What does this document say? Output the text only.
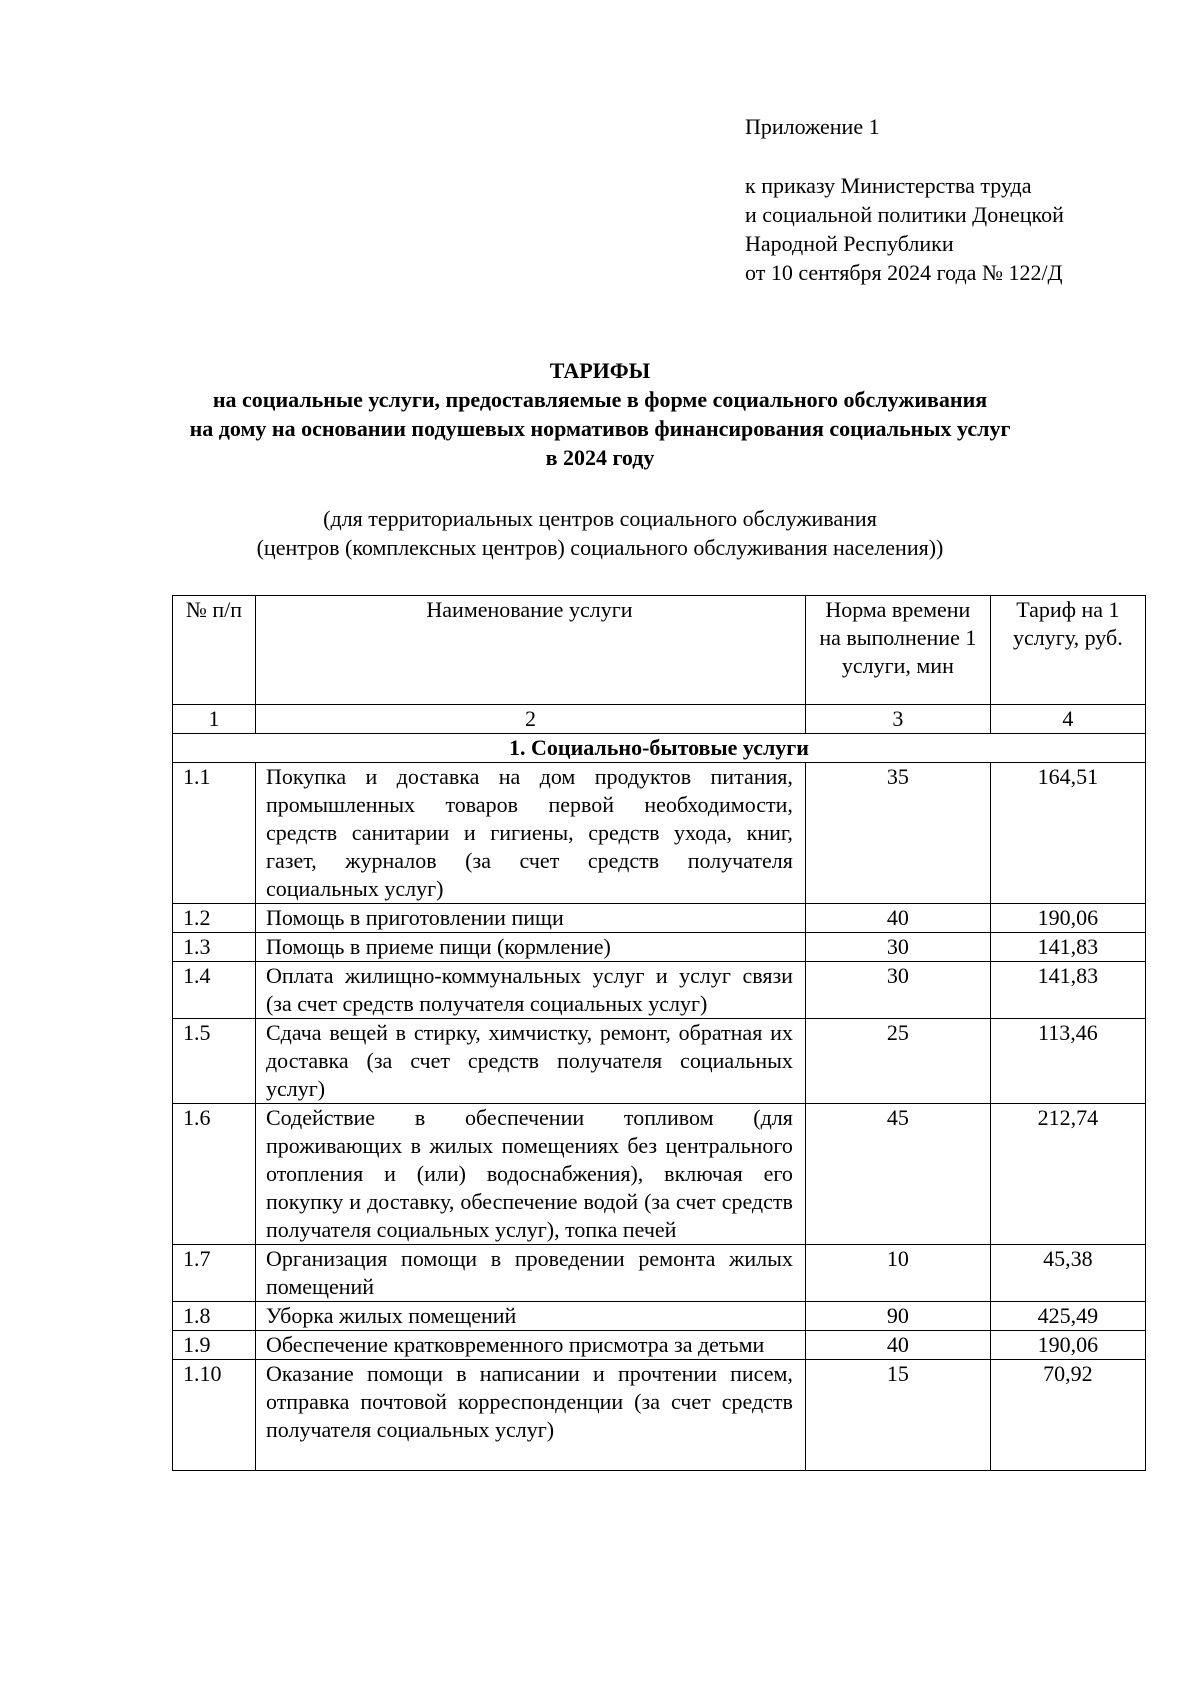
Приложение 1
к приказу Министерства труда
и социальной политики Донецкой
Народной Республики
от 10 сентября 2024 года № 122/Д
ТАРИФЫ
на социальные услуги, предоставляемые в форме социального обслуживания
на дому на основании подушевых нормативов финансирования социальных услуг
в 2024 году
(для территориальных центров социального обслуживания
(центров (комплексных центров) социального обслуживания населения))
№ п/п	Наименование услуги	Норма времени на выполнение 1 услуги, мин	Тариф на 1 услугу, руб.
1	2	3	4
1. Социально-бытовые услуги			
1.1	Покупка и доставка на дом продуктов питания, промышленных товаров первой необходимости, средств санитарии и гигиены, средств ухода, книг, газет, журналов (за счет средств получателя социальных услуг)	35	164,51
1.2	Помощь в приготовлении пищи	40	190,06
1.3	Помощь в приеме пищи (кормление)	30	141,83
1.4	Оплата жилищно-коммунальных услуг и услуг связи (за счет средств получателя социальных услуг)	30	141,83
1.5	Сдача вещей в стирку, химчистку, ремонт, обратная их доставка (за счет средств получателя социальных услуг)	25	113,46
1.6	Содействие в обеспечении топливом (для проживающих в жилых помещениях без центрального отопления и (или) водоснабжения), включая его покупку и доставку, обеспечение водой (за счет средств получателя социальных услуг), топка печей	45	212,74
1.7	Организация помощи в проведении ремонта жилых помещений	10	45,38
1.8	Уборка жилых помещений	90	425,49
1.9	Обеспечение кратковременного присмотра за детьми	40	190,06
1.10	Оказание помощи в написании и прочтении писем, отправка почтовой корреспонденции (за счет средств получателя социальных услуг)	15	70,92
